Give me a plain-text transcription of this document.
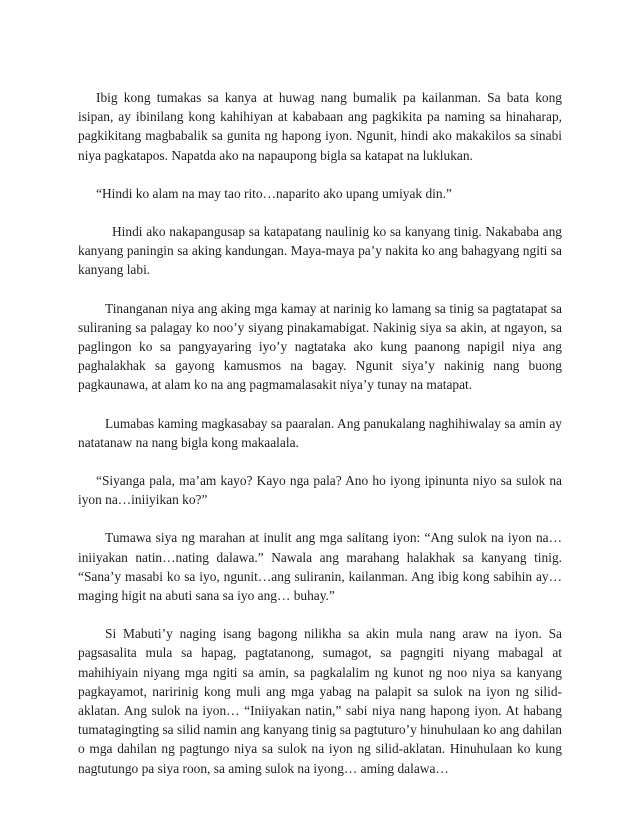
Ibig kong tumakas sa kanya at huwag nang bumalik pa kailanman. Sa bata kong isipan, ay ibinilang kong kahihiyan at kababaan ang pagkikita pa naming sa hinaharap, pagkikitang magbabalik sa gunita ng hapong iyon. Ngunit, hindi ako makakilos sa sinabi niya pagkatapos. Napatda ako na napaupong bigla sa katapat na luklukan.

“Hindi ko alam na may tao rito…naparito ako upang umiyak din.”

Hindi ako nakapangusap sa katapatang naulinig ko sa kanyang tinig. Nakababa ang kanyang paningin sa aking kandungan. Maya-maya pa’y nakita ko ang bahagyang ngiti sa kanyang labi.

Tinanganan niya ang aking mga kamay at narinig ko lamang sa tinig sa pagtatapat sa suliraning sa palagay ko noo’y siyang pinakamabigat. Nakinig siya sa akin, at ngayon, sa paglingon ko sa pangyayaring iyo’y nagtataka ako kung paanong napigil niya ang paghalakhak sa gayong kamusmos na bagay. Ngunit siya’y nakinig nang buong pagkaunawa, at alam ko na ang pagmamalasakit niya’y tunay na matapat.

Lumabas kaming magkasabay sa paaralan. Ang panukalang naghihiwalay sa amin ay natatanaw na nang bigla kong makaalala.

“Siyanga pala, ma’am kayo? Kayo nga pala? Ano ho iyong ipinunta niyo sa sulok na iyon na…iniiyikan ko?”

Tumawa siya ng marahan at inulit ang mga salitang iyon: “Ang sulok na iyon na…iniiyakan natin…nating dalawa.” Nawala ang marahang halakhak sa kanyang tinig. “Sana’y masabi ko sa iyo, ngunit…ang suliranin, kailanman. Ang ibig kong sabihin ay… maging higit na abuti sana sa iyo ang… buhay.”

Si Mabuti’y naging isang bagong nilikha sa akin mula nang araw na iyon. Sa pagsasalita mula sa hapag, pagtatanong, sumagot, sa pagngiti niyang mabagal at mahihiyain niyang mga ngiti sa amin, sa pagkalalim ng kunot ng noo niya sa kanyang pagkayamot, naririnig kong muli ang mga yabag na palapit sa sulok na iyon ng silid-aklatan. Ang sulok na iyon… “Iniiyakan natin,” sabi niya nang hapong iyon. At habang tumatagingting sa silid namin ang kanyang tinig sa pagtuturo’y hinuhulaan ko ang dahilan o mga dahilan ng pagtungo niya sa sulok na iyon ng silid-aklatan. Hinuhulaan ko kung nagtutungo pa siya roon, sa aming sulok na iyong… aming dalawa…
